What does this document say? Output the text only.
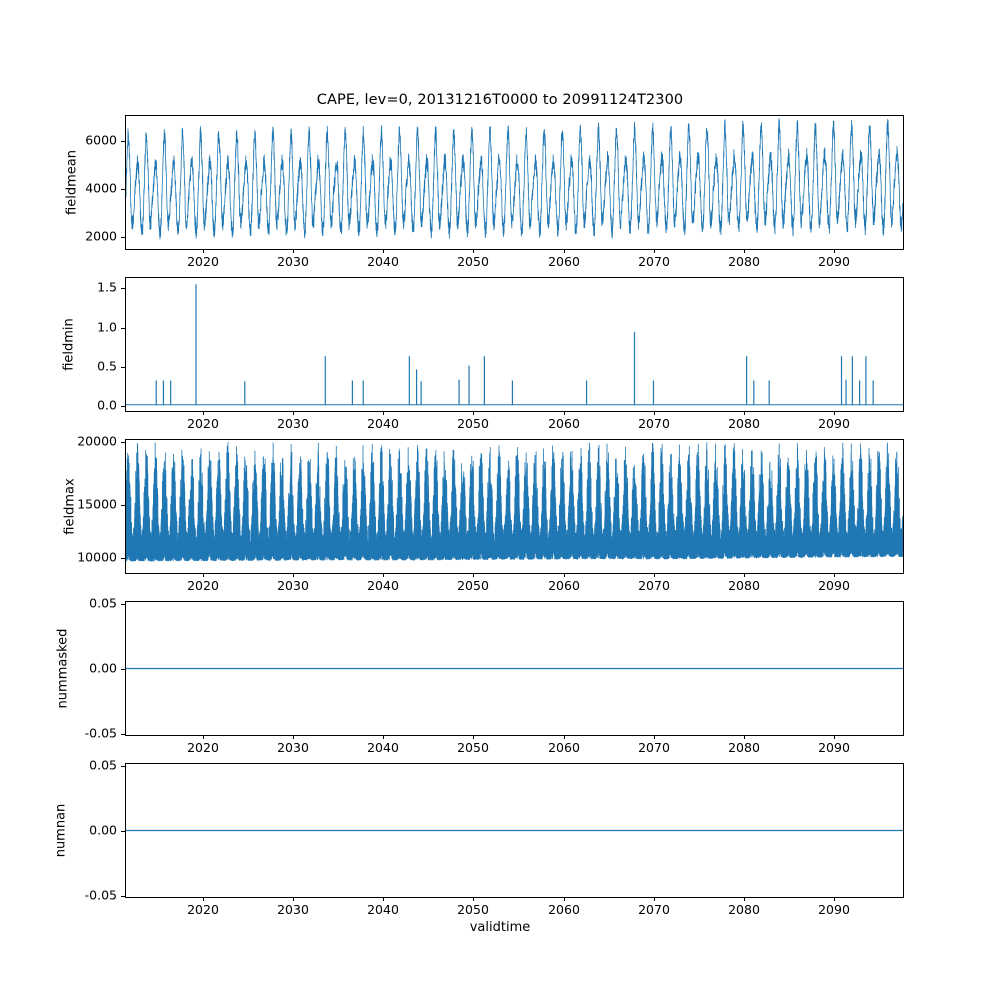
CAPE, lev=0, 20131216T0000 to 20991124T2300
fieldmean
6000
4000
2000
2020	2030	2040	2050	2060	2070	2080	2090
fieldmin
1.5
1.0
0.5
0.0
2020	2030	2040	2050	2060	2070	2080	2090
fieldmax
20000
15000
10000
2020	2030	2040	2050	2060	2070	2080	2090
nummasked
0.05
0.00
-0.05
2020	2030	2040	2050	2060	2070	2080	2090
numnan
0.05
0.00
-0.05
2020	2030	2040	2050	2060	2070	2080	2090
validtime
